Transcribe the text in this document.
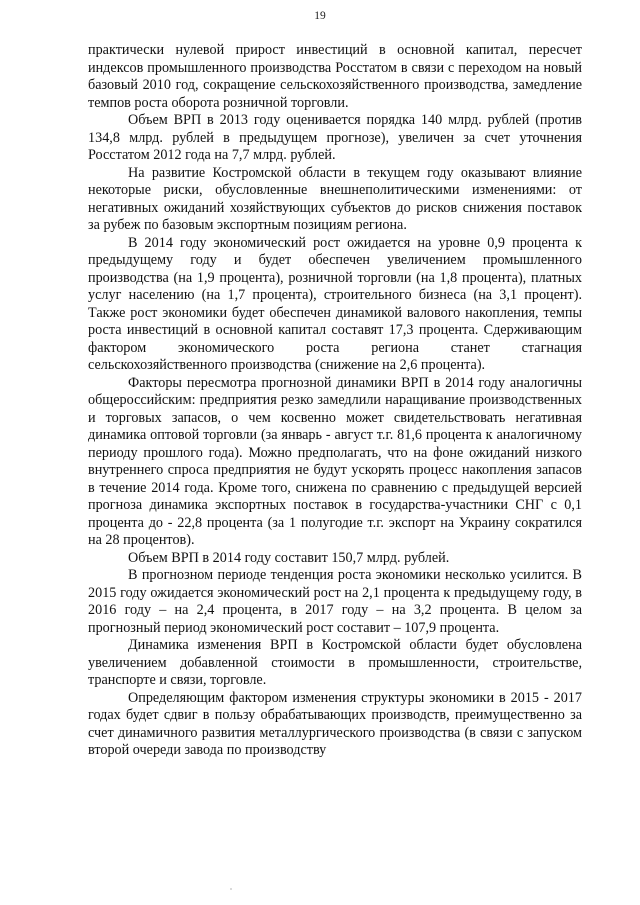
19

практически нулевой прирост инвестиций в основной капитал, пересчет индексов промышленного производства Росстатом в связи с переходом на новый базовый 2010 год, сокращение сельскохозяйственного производства, замедление темпов роста оборота розничной торговли.

Объем ВРП в 2013 году оценивается порядка 140 млрд. рублей (против 134,8 млрд. рублей в предыдущем прогнозе), увеличен за счет уточнения Росстатом 2012 года на 7,7 млрд. рублей.

На развитие Костромской области в текущем году оказывают влияние некоторые риски, обусловленные внешнеполитическими изменениями: от негативных ожиданий хозяйствующих субъектов до рисков снижения поставок за рубеж по базовым экспортным позициям региона.

В 2014 году экономический рост ожидается на уровне 0,9 процента к предыдущему году и будет обеспечен увеличением промышленного производства (на 1,9 процента), розничной торговли (на 1,8 процента), платных услуг населению (на 1,7 процента), строительного бизнеса (на 3,1 процент). Также рост экономики будет обеспечен динамикой валового накопления, темпы роста инвестиций в основной капитал составят 17,3 процента. Сдерживающим фактором экономического роста региона станет стагнация сельскохозяйственного производства (снижение на 2,6 процента).

Факторы пересмотра прогнозной динамики ВРП в 2014 году аналогичны общероссийским: предприятия резко замедлили наращивание производственных и торговых запасов, о чем косвенно может свидетельствовать негативная динамика оптовой торговли (за январь - август т.г. 81,6 процента к аналогичному периоду прошлого года). Можно предполагать, что на фоне ожиданий низкого внутреннего спроса предприятия не будут ускорять процесс накопления запасов в течение 2014 года. Кроме того, снижена по сравнению с предыдущей версией прогноза динамика экспортных поставок в государства-участники СНГ с 0,1 процента до - 22,8 процента (за 1 полугодие т.г. экспорт на Украину сократился на 28 процентов).

Объем ВРП в 2014 году составит 150,7 млрд. рублей.

В прогнозном периоде тенденция роста экономики несколько усилится. В 2015 году ожидается экономический рост на 2,1 процента к предыдущему году, в 2016 году – на 2,4 процента, в 2017 году – на 3,2 процента. В целом за прогнозный период экономический рост составит – 107,9 процента.

Динамика изменения ВРП в Костромской области будет обусловлена увеличением добавленной стоимости в промышленности, строительстве, транспорте и связи, торговле.

Определяющим фактором изменения структуры экономики в 2015 - 2017 годах будет сдвиг в пользу обрабатывающих производств, преимущественно за счет динамичного развития металлургического производства (в связи с запуском второй очереди завода по производству
